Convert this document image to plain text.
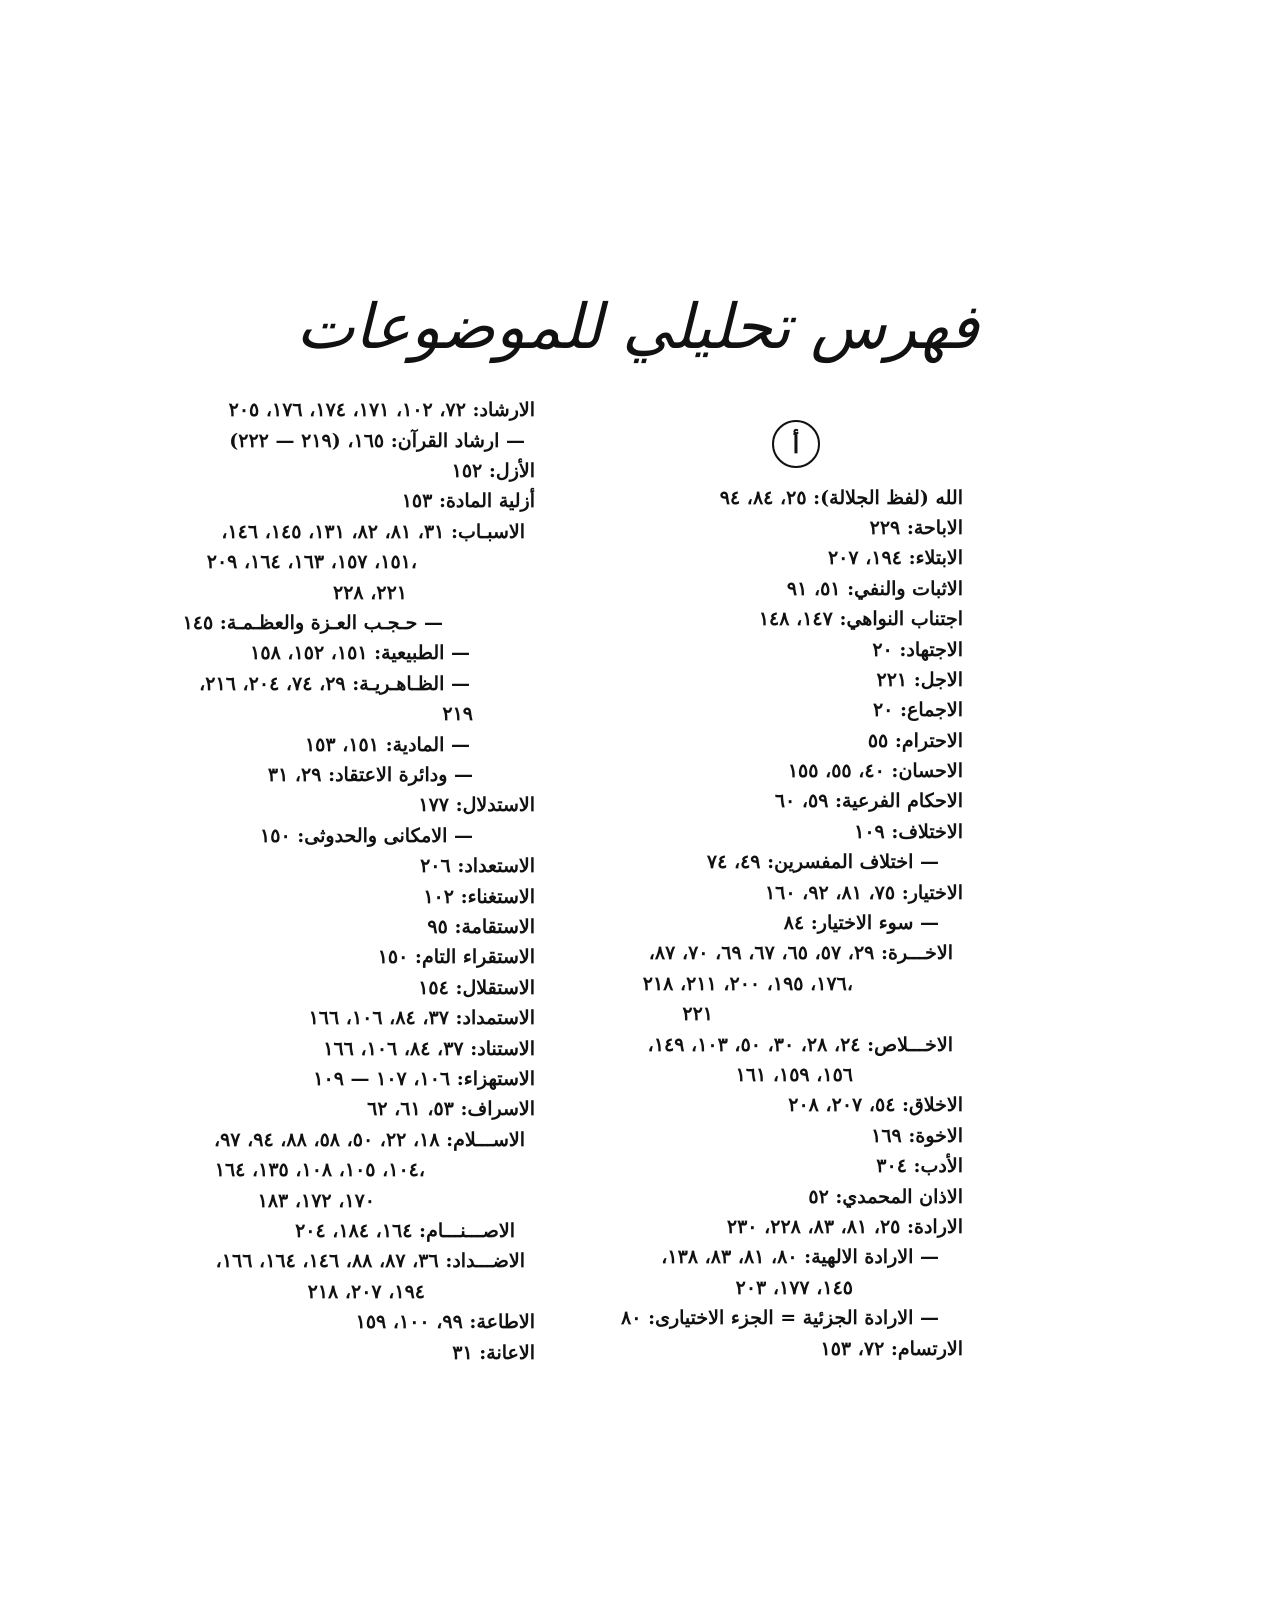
فهرس تحليلي للموضوعات
أ
الله (لفظ الجلالة): ٢٥، ٨٤، ٩٤
الاباحة: ٢٢٩
الابتلاء: ١٩٤، ٢٠٧
الاثبات والنفي: ٥١، ٩١
اجتناب النواهي: ١٤٧، ١٤٨
الاجتهاد: ٢٠
الاجل: ٢٢١
الاجماع: ٢٠
الاحترام: ٥٥
الاحسان: ٤٠، ٥٥، ١٥٥
الاحكام الفرعية: ٥٩، ٦٠
الاختلاف: ١٠٩
— اختلاف المفسرين: ٤٩، ٧٤
الاختيار: ٧٥، ٨١، ٩٢، ١٦٠
— سوء الاختيار: ٨٤
الاخـــرة: ٢٩، ٥٧، ٦٥، ٦٧، ٦٩، ٧٠، ٨٧،
١٧٦، ١٩٥، ٢٠٠، ٢١١، ٢١٨،
٢٢١
الاخـــلاص: ٢٤، ٢٨، ٣٠، ٥٠، ١٠٣، ١٤٩،
١٥٦، ١٥٩، ١٦١
الاخلاق: ٥٤، ٢٠٧، ٢٠٨
الاخوة: ١٦٩
الأدب: ٣٠٤
الاذان المحمدي: ٥٢
الارادة: ٢٥، ٨١، ٨٣، ٢٢٨، ٢٣٠
— الارادة الالهية: ٨٠، ٨١، ٨٣، ١٣٨،
١٤٥، ١٧٧، ٢٠٣
— الارادة الجزئية = الجزء الاختيارى: ٨٠
الارتسام: ٧٢، ١٥٣
الارشاد: ٧٢، ١٠٢، ١٧١، ١٧٤، ١٧٦، ٢٠٥
— ارشاد القرآن: ١٦٥، (٢١٩ — ٢٢٢)
الأزل: ١٥٢
أزلية المادة: ١٥٣
الاسبـاب: ٣١، ٨١، ٨٢، ١٣١، ١٤٥، ١٤٦،
١٥١، ١٥٧، ١٦٣، ١٦٤، ٢٠٩،
٢٢١، ٢٢٨
— حـجـب العـزة والعظـمـة: ١٤٥
— الطبيعية: ١٥١، ١٥٢، ١٥٨
— الظـاهـريـة: ٢٩، ٧٤، ٢٠٤، ٢١٦،
٢١٩
— المادية: ١٥١، ١٥٣
— ودائرة الاعتقاد: ٢٩، ٣١
الاستدلال: ١٧٧
— الامكانى والحدوثى: ١٥٠
الاستعداد: ٢٠٦
الاستغناء: ١٠٢
الاستقامة: ٩٥
الاستقراء التام: ١٥٠
الاستقلال: ١٥٤
الاستمداد: ٣٧، ٨٤، ١٠٦، ١٦٦
الاستناد: ٣٧، ٨٤، ١٠٦، ١٦٦
الاستهزاء: ١٠٦، ١٠٧ — ١٠٩
الاسراف: ٥٣، ٦١، ٦٢
الاســـلام: ١٨، ٢٢، ٥٠، ٥٨، ٨٨، ٩٤، ٩٧،
١٠٤، ١٠٥، ١٠٨، ١٣٥، ١٦٤،
١٧٠، ١٧٢، ١٨٣
الاصـــنـــام: ١٦٤، ١٨٤، ٢٠٤
الاضـــداد: ٣٦، ٨٧، ٨٨، ١٤٦، ١٦٤، ١٦٦،
١٩٤، ٢٠٧، ٢١٨
الاطاعة: ٩٩، ١٠٠، ١٥٩
الاعانة: ٣١
